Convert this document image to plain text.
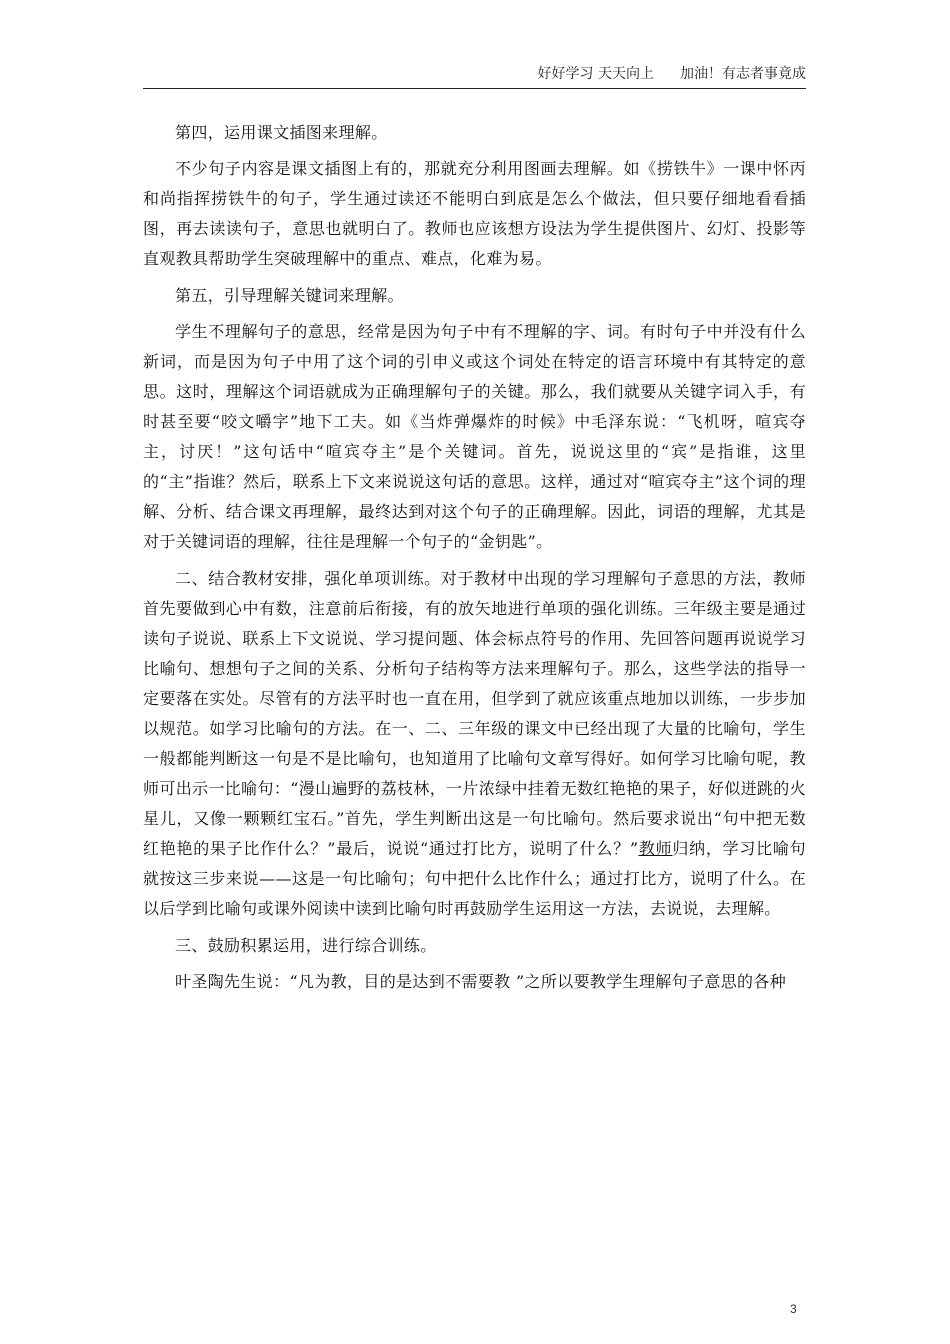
好好学习 天天向上 加油！有志者事竟成

第四，运用课文插图来理解。

不少句子内容是课文插图上有的，那就充分利用图画去理解。如《捞铁牛》一课中怀丙和尚指挥捞铁牛的句子，学生通过读还不能明白到底是怎么个做法，但只要仔细地看看插图，再去读读句子，意思也就明白了。教师也应该想方设法为学生提供图片、幻灯、投影等直观教具帮助学生突破理解中的重点、难点，化难为易。

第五，引导理解关键词来理解。

学生不理解句子的意思，经常是因为句子中有不理解的字、词。有时句子中并没有什么新词，而是因为句子中用了这个词的引申义或这个词处在特定的语言环境中有其特定的意思。这时，理解这个词语就成为正确理解句子的关键。那么，我们就要从关键字词入手，有时甚至要“咬文嚼字”地下工夫。如《当炸弹爆炸的时候》中毛泽东说：“飞机呀，喧宾夺主，讨厌！”这句话中“喧宾夺主”是个关键词。首先，说说这里的“宾”是指谁，这里的“主”指谁？然后，联系上下文来说说这句话的意思。这样，通过对“喧宾夺主”这个词的理解、分析、结合课文再理解，最终达到对这个句子的正确理解。因此，词语的理解，尤其是对于关键词语的理解，往往是理解一个句子的“金钥匙”。

二、结合教材安排，强化单项训练。对于教材中出现的学习理解句子意思的方法，教师首先要做到心中有数，注意前后衔接，有的放矢地进行单项的强化训练。三年级主要是通过读句子说说、联系上下文说说、学习提问题、体会标点符号的作用、先回答问题再说说学习比喻句、想想句子之间的关系、分析句子结构等方法来理解句子。那么，这些学法的指导一定要落在实处。尽管有的方法平时也一直在用，但学到了就应该重点地加以训练，一步步加以规范。如学习比喻句的方法。在一、二、三年级的课文中已经出现了大量的比喻句，学生一般都能判断这一句是不是比喻句，也知道用了比喻句文章写得好。如何学习比喻句呢，教师可出示一比喻句：“漫山遍野的荔枝林，一片浓绿中挂着无数红艳艳的果子，好似迸跳的火星儿，又像一颗颗红宝石。”首先，学生判断出这是一句比喻句。然后要求说出“句中把无数红艳艳的果子比作什么？”最后，说说“通过打比方，说明了什么？”教师归纳，学习比喻句就按这三步来说——这是一句比喻句；句中把什么比作什么；通过打比方，说明了什么。在以后学到比喻句或课外阅读中读到比喻句时再鼓励学生运用这一方法，去说说，去理解。

三、鼓励积累运用，进行综合训练。

叶圣陶先生说：“凡为教，目的是达到不需要教 ”之所以要教学生理解句子意思的各种

3
